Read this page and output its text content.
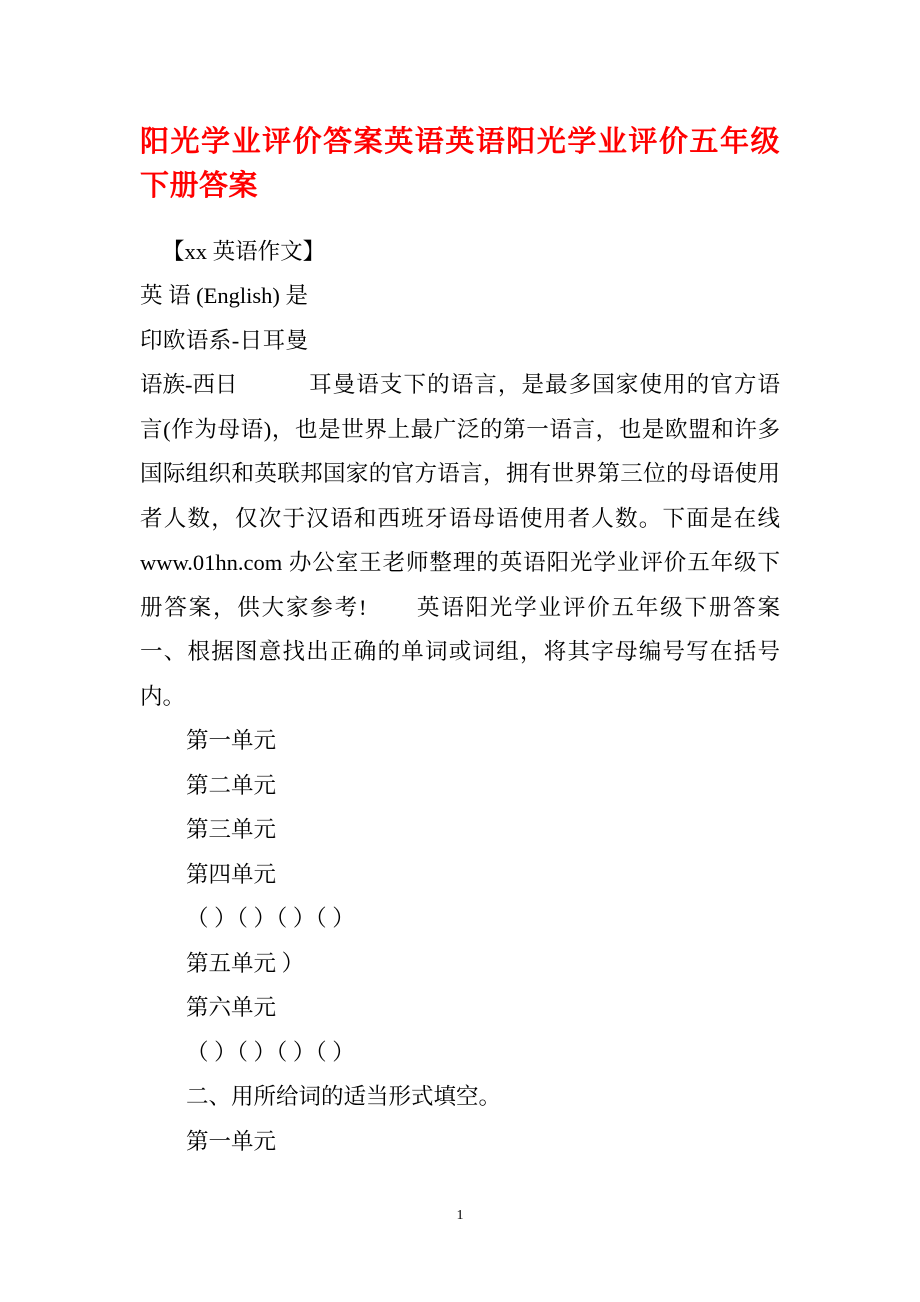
阳光学业评价答案英语英语阳光学业评价五年级下册答案

【xx 英语作文】

英语(English)是印欧语系-日耳曼语族-西日	耳曼语支下的语言，是最多国家使用的官方语言(作为母语)，也是世界上最广泛的第一语言，也是欧盟和许多国际组织和英联邦国家的官方语言，拥有世界第三位的母语使用者人数，仅次于汉语和西班牙语母语使用者人数。下面是在线 www.01hn.com 办公室王老师整理的英语阳光学业评价五年级下册答案，供大家参考!　　英语阳光学业评价五年级下册答案　　　　一、根据图意找出正确的单词或词组，将其字母编号写在括号内。

第一单元

第二单元

第三单元

第四单元

（ ）（ ）（ ）（ ）

第五单元 ）

第六单元

（ ）（ ）（ ）（ ）

二、用所给词的适当形式填空。

第一单元

1
